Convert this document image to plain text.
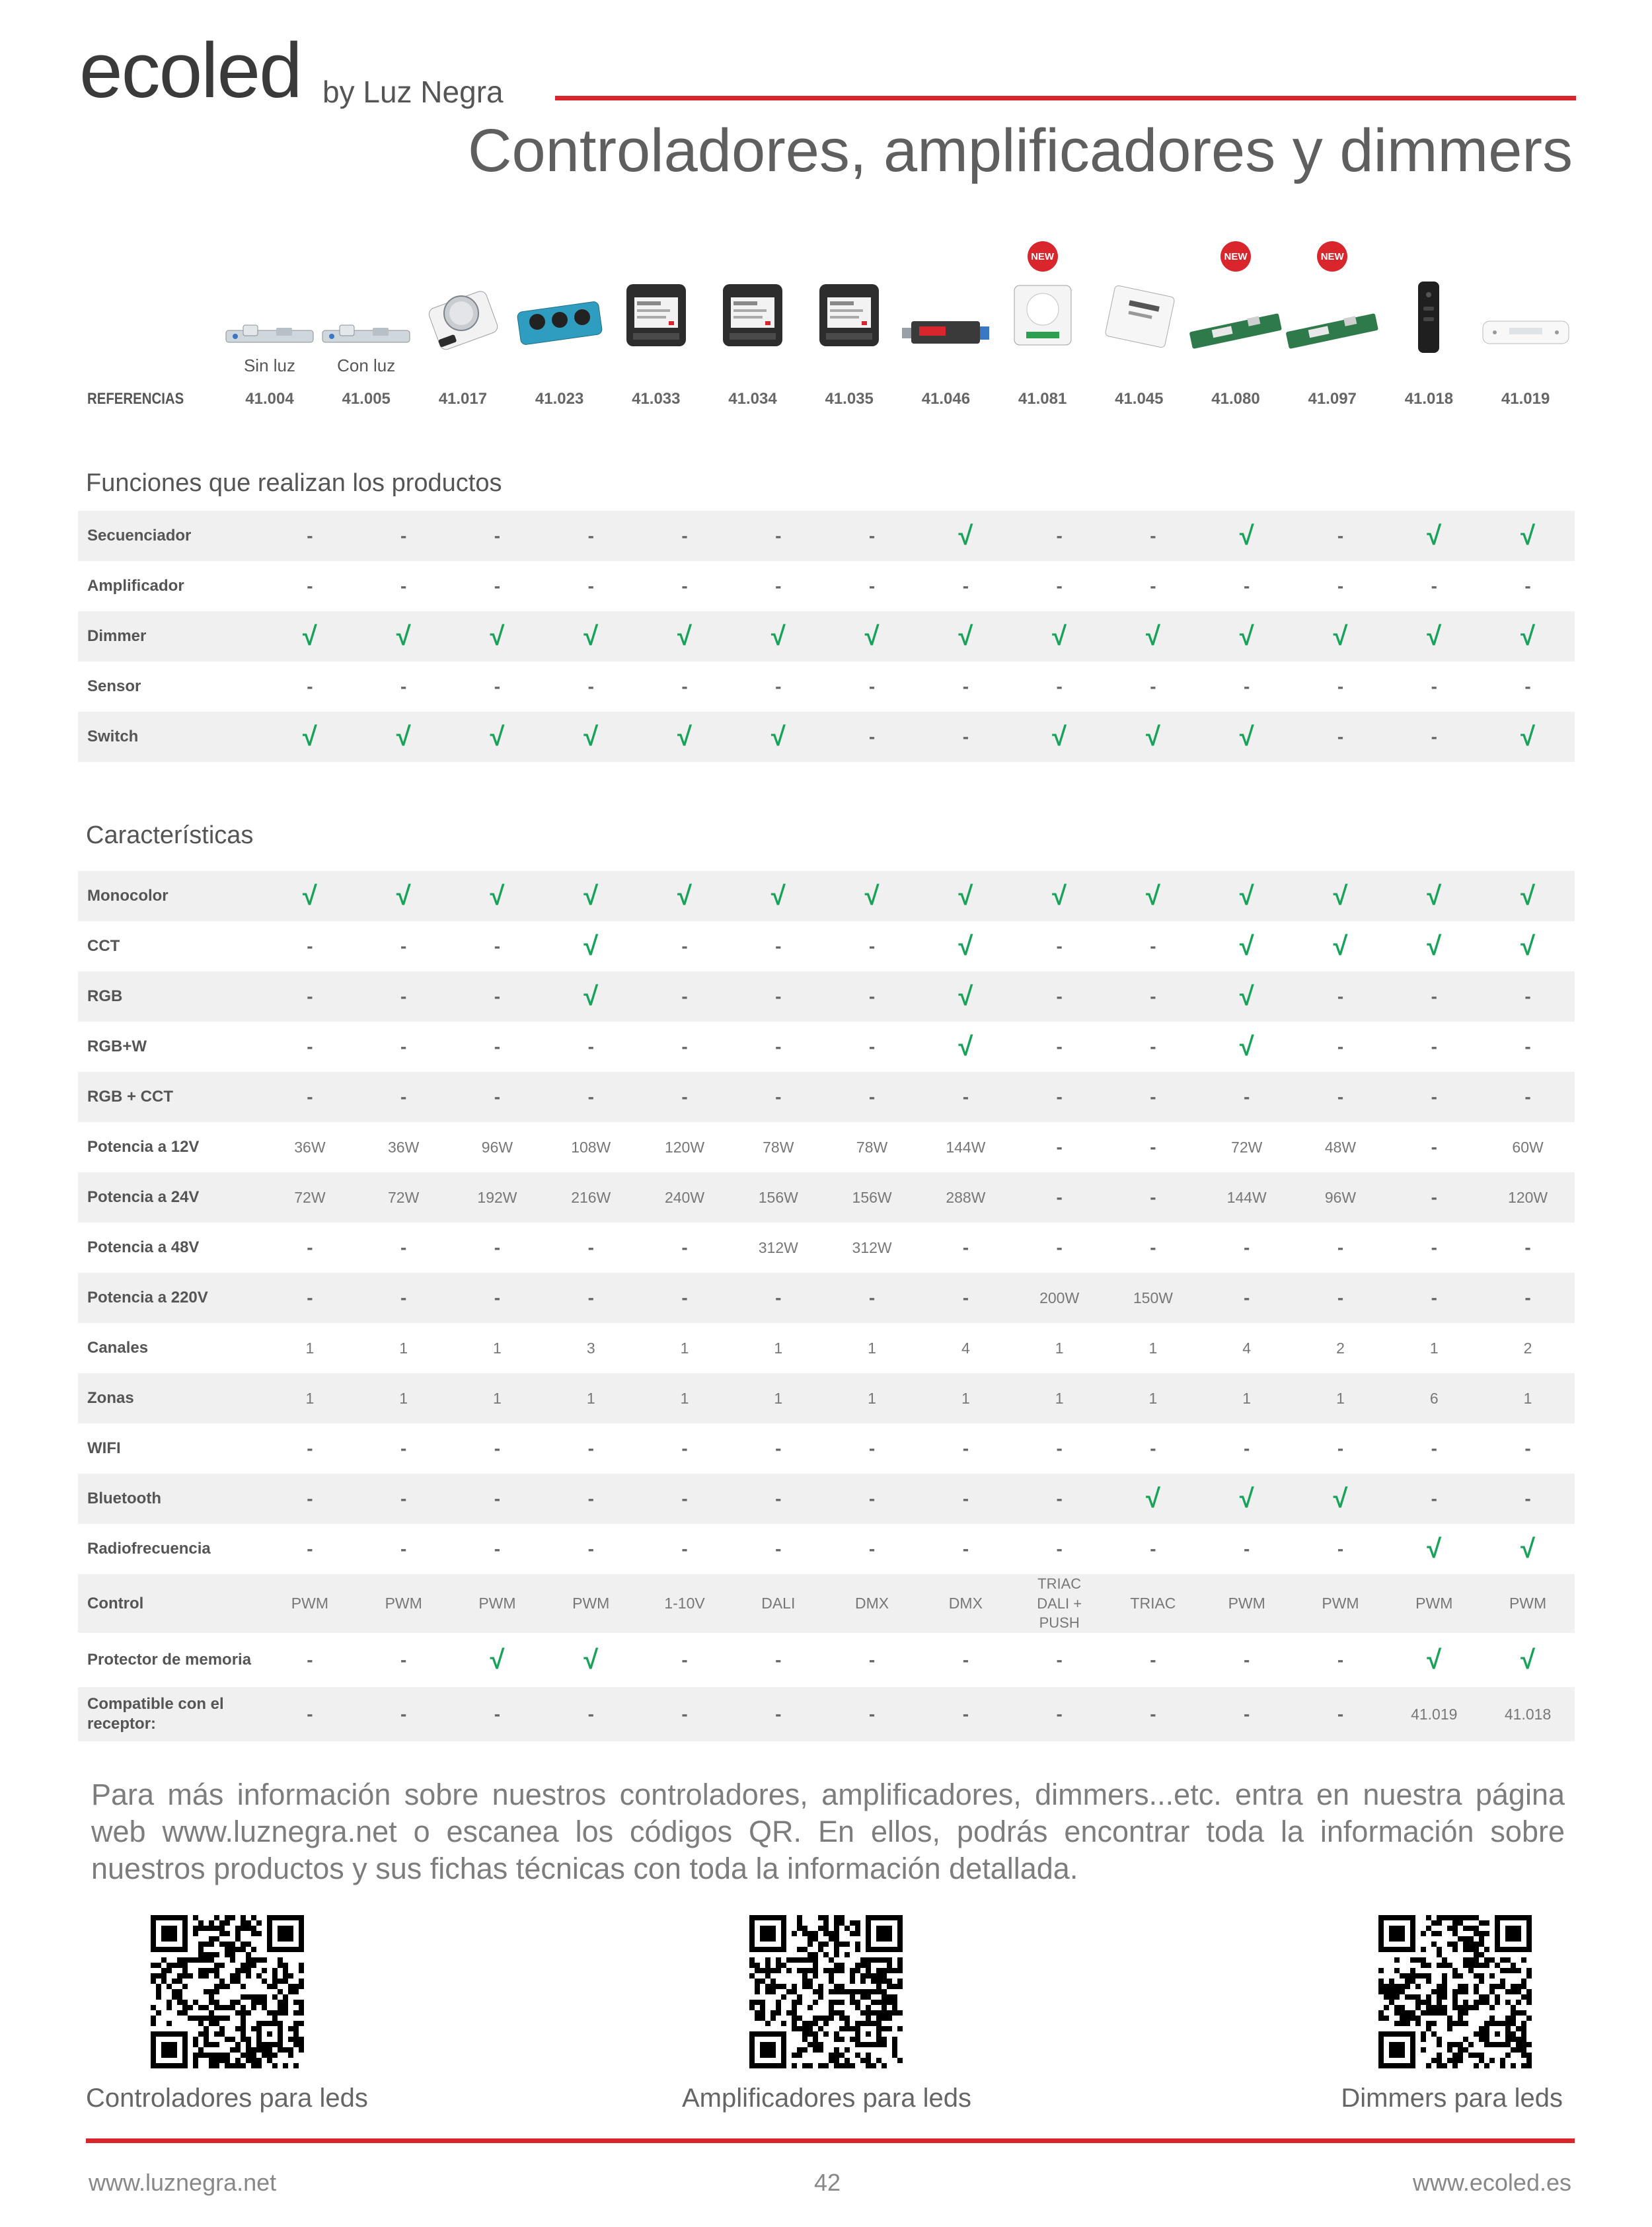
ecoled by Luz Negra
Controladores, amplificadores y dimmers
Sin luz Con luz
NEW	NEW	NEW
REFERENCIAS	41.004	41.005	41.017	41.023	41.033	41.034	41.035	41.046	41.081	41.045	41.080	41.097	41.018	41.019
Funciones que realizan los productos
Secuenciador	-	-	-	-	-	-	-	√	-	-	√	-	√	√
Amplificador	-	-	-	-	-	-	-	-	-	-	-	-	-	-
Dimmer	√	√	√	√	√	√	√	√	√	√	√	√	√	√
Sensor	-	-	-	-	-	-	-	-	-	-	-	-	-	-
Switch	√	√	√	√	√	√	-	-	√	√	√	-	-	√
Características
Monocolor	√	√	√	√	√	√	√	√	√	√	√	√	√	√
CCT	-	-	-	√	-	-	-	√	-	-	√	√	√	√
RGB	-	-	-	√	-	-	-	√	-	-	√	-	-	-
RGB+W	-	-	-	-	-	-	-	√	-	-	√	-	-	-
RGB + CCT	-	-	-	-	-	-	-	-	-	-	-	-	-	-
Potencia a 12V	36W	36W	96W	108W	120W	78W	78W	144W	-	-	72W	48W	-	60W
Potencia a 24V	72W	72W	192W	216W	240W	156W	156W	288W	-	-	144W	96W	-	120W
Potencia a 48V	-	-	-	-	-	312W	312W	-	-	-	-	-	-	-
Potencia a 220V	-	-	-	-	-	-	-	-	200W	150W	-	-	-	-
Canales	1	1	1	3	1	1	1	4	1	1	4	2	1	2
Zonas	1	1	1	1	1	1	1	1	1	1	1	1	6	1
WIFI	-	-	-	-	-	-	-	-	-	-	-	-	-	-
Bluetooth	-	-	-	-	-	-	-	-	-	√	√	√	-	-
Radiofrecuencia	-	-	-	-	-	-	-	-	-	-	-	-	√	√
Control	PWM	PWM	PWM	PWM	1-10V	DALI	DMX	DMX	TRIAC DALI + PUSH	TRIAC	PWM	PWM	PWM	PWM
Protector de memoria	-	-	√	√	-	-	-	-	-	-	-	-	√	√
Compatible con el receptor:	-	-	-	-	-	-	-	-	-	-	-	-	41.019	41.018
Para más información sobre nuestros controladores, amplificadores, dimmers...etc. entra en nuestra página web www.luznegra.net o escanea los códigos QR. En ellos, podrás encontrar toda la información sobre nuestros productos y sus fichas técnicas con toda la información detallada.
Controladores para leds	Amplificadores para leds	Dimmers para leds
www.luznegra.net	42	www.ecoled.es
